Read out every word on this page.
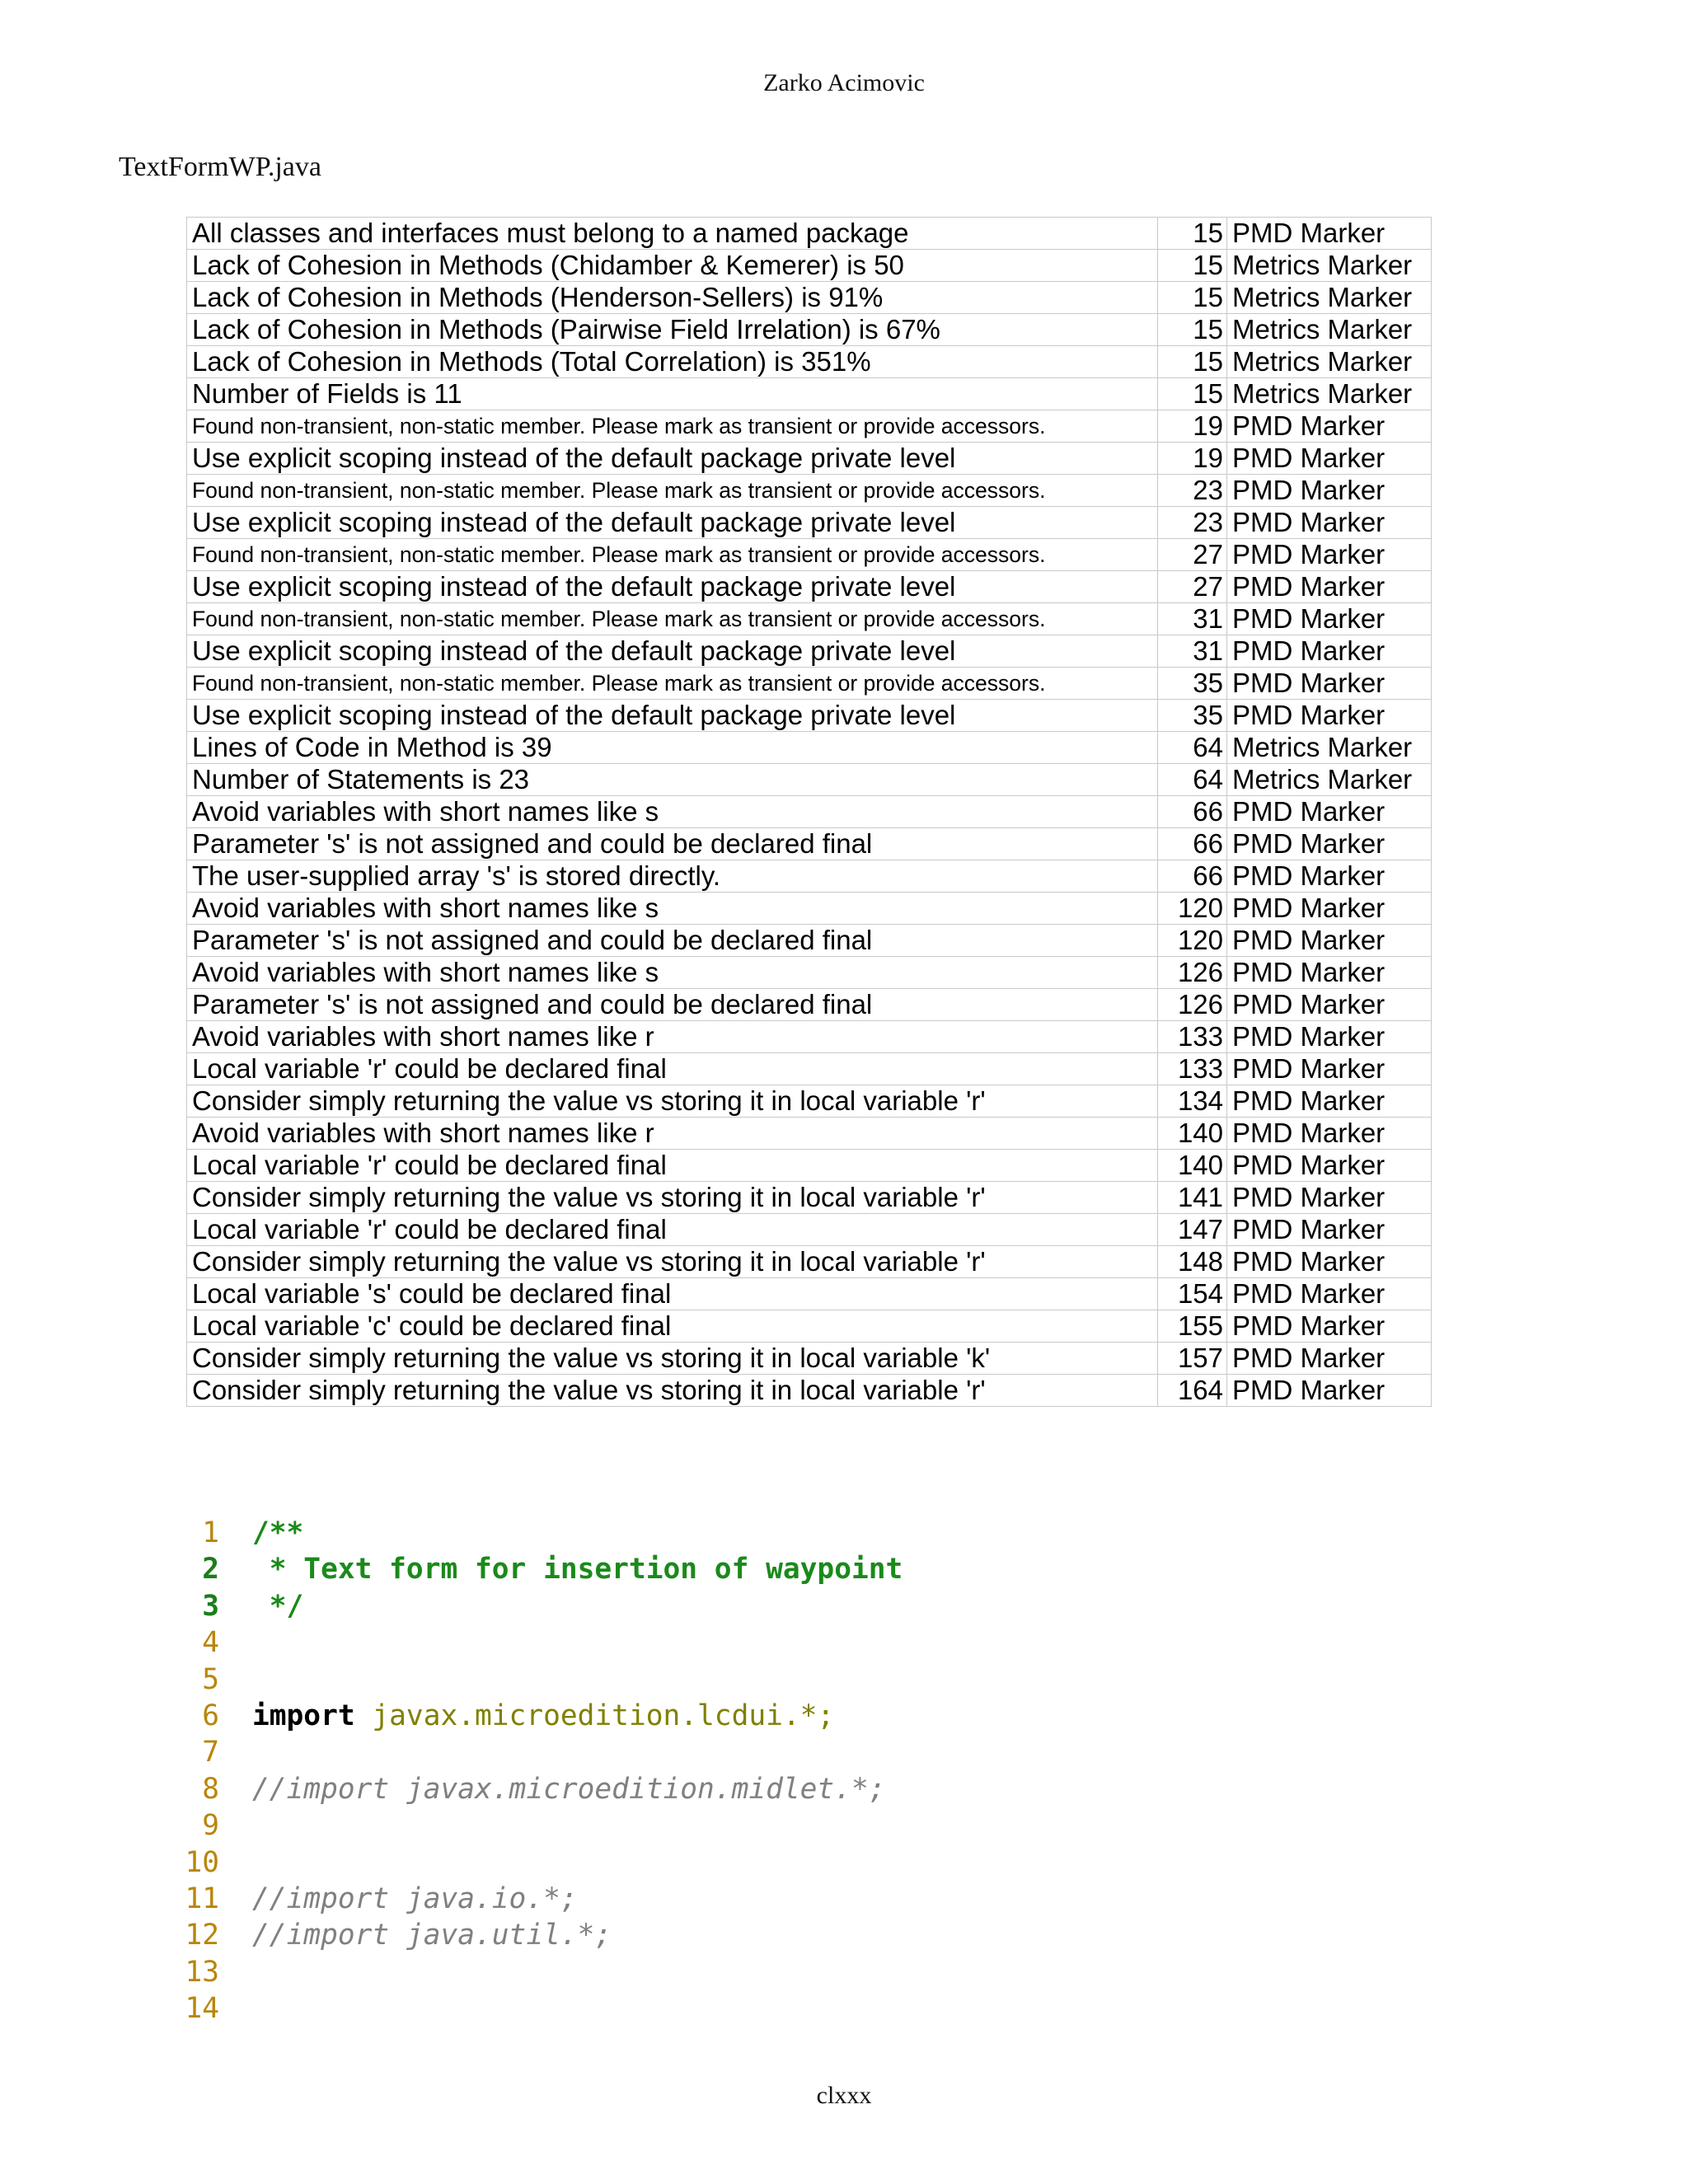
Zarko Acimovic
TextFormWP.java
All classes and interfaces must belong to a named package	15	PMD Marker
Lack of Cohesion in Methods (Chidamber & Kemerer) is 50	15	Metrics Marker
Lack of Cohesion in Methods (Henderson-Sellers) is 91%	15	Metrics Marker
Lack of Cohesion in Methods (Pairwise Field Irrelation) is 67%	15	Metrics Marker
Lack of Cohesion in Methods (Total Correlation) is 351%	15	Metrics Marker
Number of Fields is 11	15	Metrics Marker
Found non-transient, non-static member. Please mark as transient or provide accessors.	19	PMD Marker
Use explicit scoping instead of the default package private level	19	PMD Marker
Found non-transient, non-static member. Please mark as transient or provide accessors.	23	PMD Marker
Use explicit scoping instead of the default package private level	23	PMD Marker
Found non-transient, non-static member. Please mark as transient or provide accessors.	27	PMD Marker
Use explicit scoping instead of the default package private level	27	PMD Marker
Found non-transient, non-static member. Please mark as transient or provide accessors.	31	PMD Marker
Use explicit scoping instead of the default package private level	31	PMD Marker
Found non-transient, non-static member. Please mark as transient or provide accessors.	35	PMD Marker
Use explicit scoping instead of the default package private level	35	PMD Marker
Lines of Code in Method is 39	64	Metrics Marker
Number of Statements is 23	64	Metrics Marker
Avoid variables with short names like s	66	PMD Marker
Parameter 's' is not assigned and could be declared final	66	PMD Marker
The user-supplied array 's' is stored directly.	66	PMD Marker
Avoid variables with short names like s	120	PMD Marker
Parameter 's' is not assigned and could be declared final	120	PMD Marker
Avoid variables with short names like s	126	PMD Marker
Parameter 's' is not assigned and could be declared final	126	PMD Marker
Avoid variables with short names like r	133	PMD Marker
Local variable 'r' could be declared final	133	PMD Marker
Consider simply returning the value vs storing it in local variable 'r'	134	PMD Marker
Avoid variables with short names like r	140	PMD Marker
Local variable 'r' could be declared final	140	PMD Marker
Consider simply returning the value vs storing it in local variable 'r'	141	PMD Marker
Local variable 'r' could be declared final	147	PMD Marker
Consider simply returning the value vs storing it in local variable 'r'	148	PMD Marker
Local variable 's' could be declared final	154	PMD Marker
Local variable 'c' could be declared final	155	PMD Marker
Consider simply returning the value vs storing it in local variable 'k'	157	PMD Marker
Consider simply returning the value vs storing it in local variable 'r'	164	PMD Marker
1 /**
2 * Text form for insertion of waypoint
3 */
4
5
6 import javax.microedition.lcdui.*;
7
8 //import javax.microedition.midlet.*;
9
10
11 //import java.io.*;
12 //import java.util.*;
13
14
clxxx
